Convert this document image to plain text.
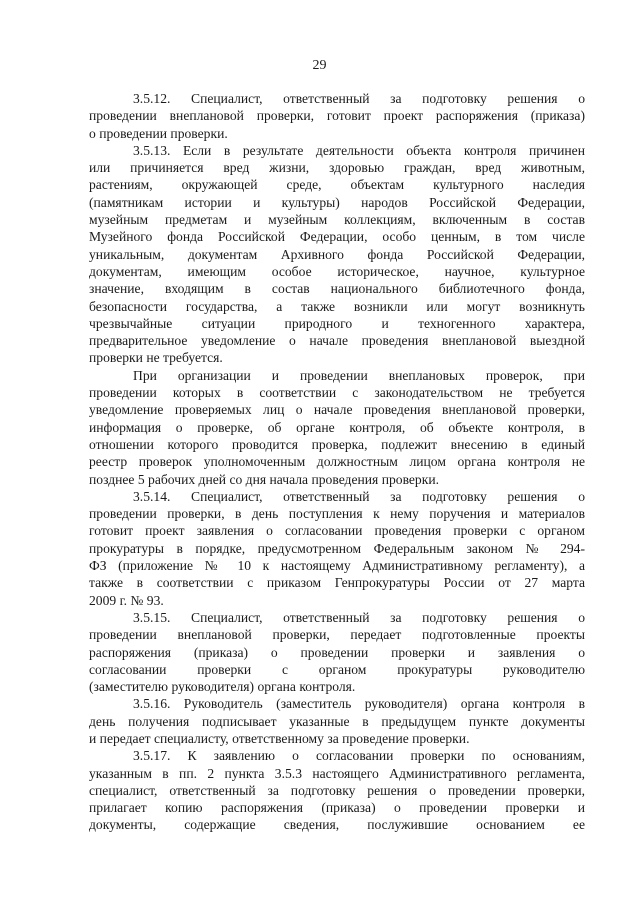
29
3.5.12. Специалист, ответственный за подготовку решения о
проведении внеплановой проверки, готовит проект распоряжения (приказа)
о проведении проверки.
3.5.13. Если в результате деятельности объекта контроля причинен
или причиняется вред жизни, здоровью граждан, вред животным,
растениям, окружающей среде, объектам культурного наследия
(памятникам истории и культуры) народов Российской Федерации,
музейным предметам и музейным коллекциям, включенным в состав
Музейного фонда Российской Федерации, особо ценным, в том числе
уникальным, документам Архивного фонда Российской Федерации,
документам, имеющим особое историческое, научное, культурное
значение, входящим в состав национального библиотечного фонда,
безопасности государства, а также возникли или могут возникнуть
чрезвычайные ситуации природного и техногенного характера,
предварительное уведомление о начале проведения внеплановой выездной
проверки не требуется.
При организации и проведении внеплановых проверок, при
проведении которых в соответствии с законодательством не требуется
уведомление проверяемых лиц о начале проведения внеплановой проверки,
информация о проверке, об органе контроля, об объекте контроля, в
отношении которого проводится проверка, подлежит внесению в единый
реестр проверок уполномоченным должностным лицом органа контроля не
позднее 5 рабочих дней со дня начала проведения проверки.
3.5.14. Специалист, ответственный за подготовку решения о
проведении проверки, в день поступления к нему поручения и материалов
готовит проект заявления о согласовании проведения проверки с органом
прокуратуры в порядке, предусмотренном Федеральным законом № 294-
ФЗ (приложение № 10 к настоящему Административному регламенту), а
также в соответствии с приказом Генпрокуратуры России от 27 марта
2009 г. № 93.
3.5.15. Специалист, ответственный за подготовку решения о
проведении внеплановой проверки, передает подготовленные проекты
распоряжения (приказа) о проведении проверки и заявления о
согласовании проверки с органом прокуратуры руководителю
(заместителю руководителя) органа контроля.
3.5.16. Руководитель (заместитель руководителя) органа контроля в
день получения подписывает указанные в предыдущем пункте документы
и передает специалисту, ответственному за проведение проверки.
3.5.17. К заявлению о согласовании проверки по основаниям,
указанным в пп. 2 пункта 3.5.3 настоящего Административного регламента,
специалист, ответственный за подготовку решения о проведении проверки,
прилагает копию распоряжения (приказа) о проведении проверки и
документы, содержащие сведения, послужившие основанием ее
